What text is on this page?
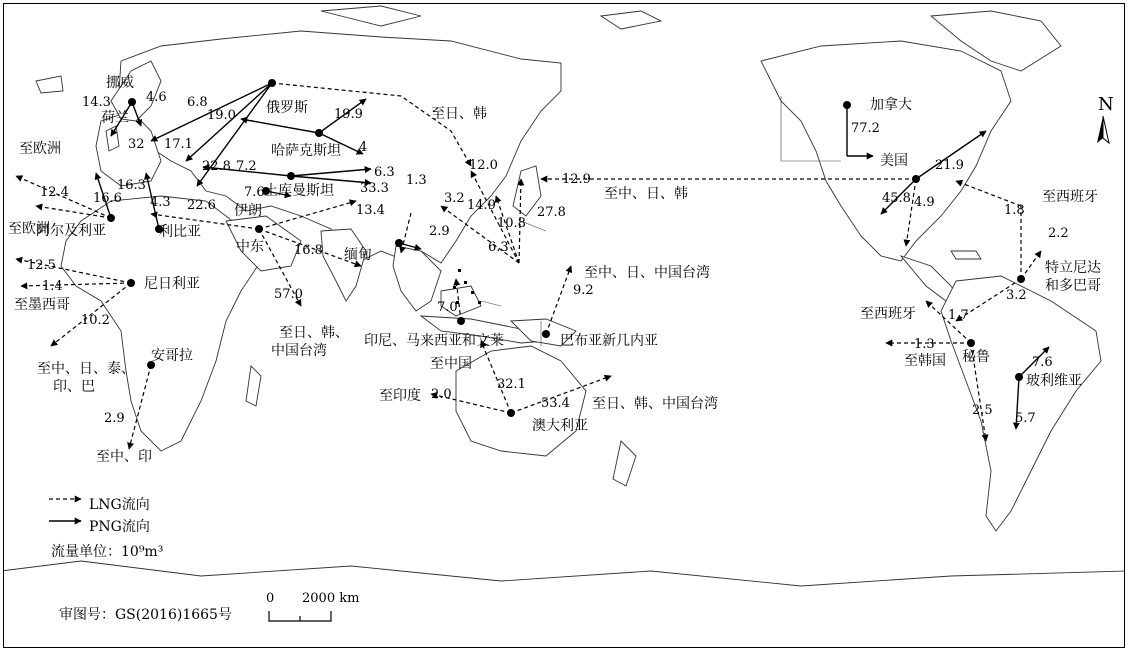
挪威
荷兰
俄罗斯	至日、韩
加拿大
美国
至欧洲	哈萨克斯坦
土库曼斯坦
伊朗
阿尔及利亚	利比亚
至欧洲
中东	缅甸
至中、日、韩	至西班牙
尼日利亚
至墨西哥
至中、日、中国台湾	特立尼达
和多巴哥
至日、韩、
中国台湾
印尼、马来西亚和文莱	巴布亚新几内亚
至西班牙
至中、日、泰、
印、巴
安哥拉	至中国	秘鲁
至韩国
玻利维亚
至印度
澳大利亚
至日、韩、中国台湾
至中、印
N
14.3	4.6 6.8
19.0
32 17.1
19.9
4
77.2
12.4 16.6
16.3
22.8 7.2	6.3
33.3
12.0
12.9
21.9
7.6
4.3 22.6
1.3
3.2 14.9
13.4
45.8 4.9
1.8
10.8
27.8
12.5
16.8
2.9
6.3
2.2
1.4	9.2	3.2
10.2
57.0
7.0
1.7
1.3
7.6
32.1
2.0
53.4	2.5
5.7
2.9
LNG流向
PNG流向
流量单位：10⁹m³
审图号：GS(2016)1665号
0 2000 km
